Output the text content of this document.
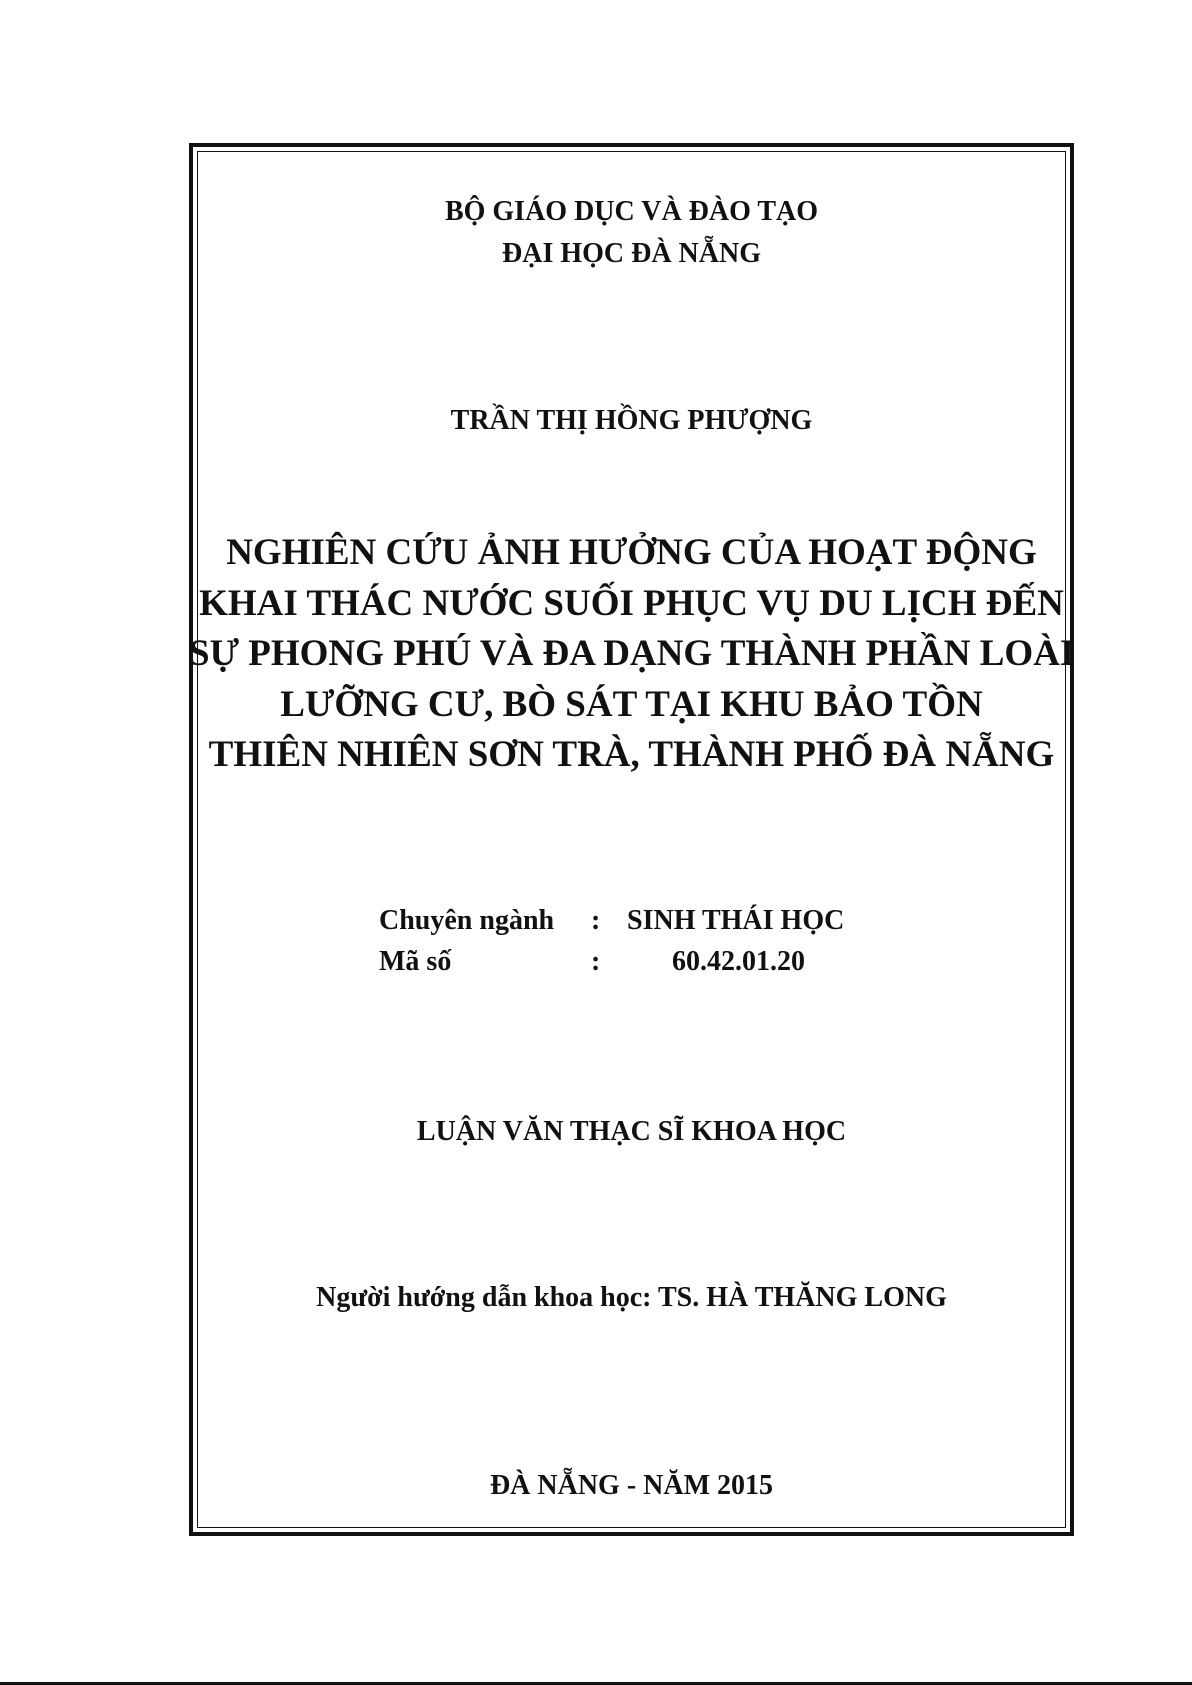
BỘ GIÁO DỤC VÀ ĐÀO TẠO
ĐẠI HỌC ĐÀ NẴNG
TRẦN THỊ HỒNG PHƯỢNG
NGHIÊN CỨU ẢNH HƯỞNG CỦA HOẠT ĐỘNG
KHAI THÁC NƯỚC SUỐI PHỤC VỤ DU LỊCH ĐẾN
SỰ PHONG PHÚ VÀ ĐA DẠNG THÀNH PHẦN LOÀI
LƯỠNG CƯ, BÒ SÁT TẠI KHU BẢO TỒN
THIÊN NHIÊN SƠN TRÀ, THÀNH PHỐ ĐÀ NẴNG
Chuyên ngành : SINH THÁI HỌC
Mã số	:	60.42.01.20
LUẬN VĂN THẠC SĨ KHOA HỌC
Người hướng dẫn khoa học: TS. HÀ THĂNG LONG
ĐÀ NẴNG - NĂM 2015
